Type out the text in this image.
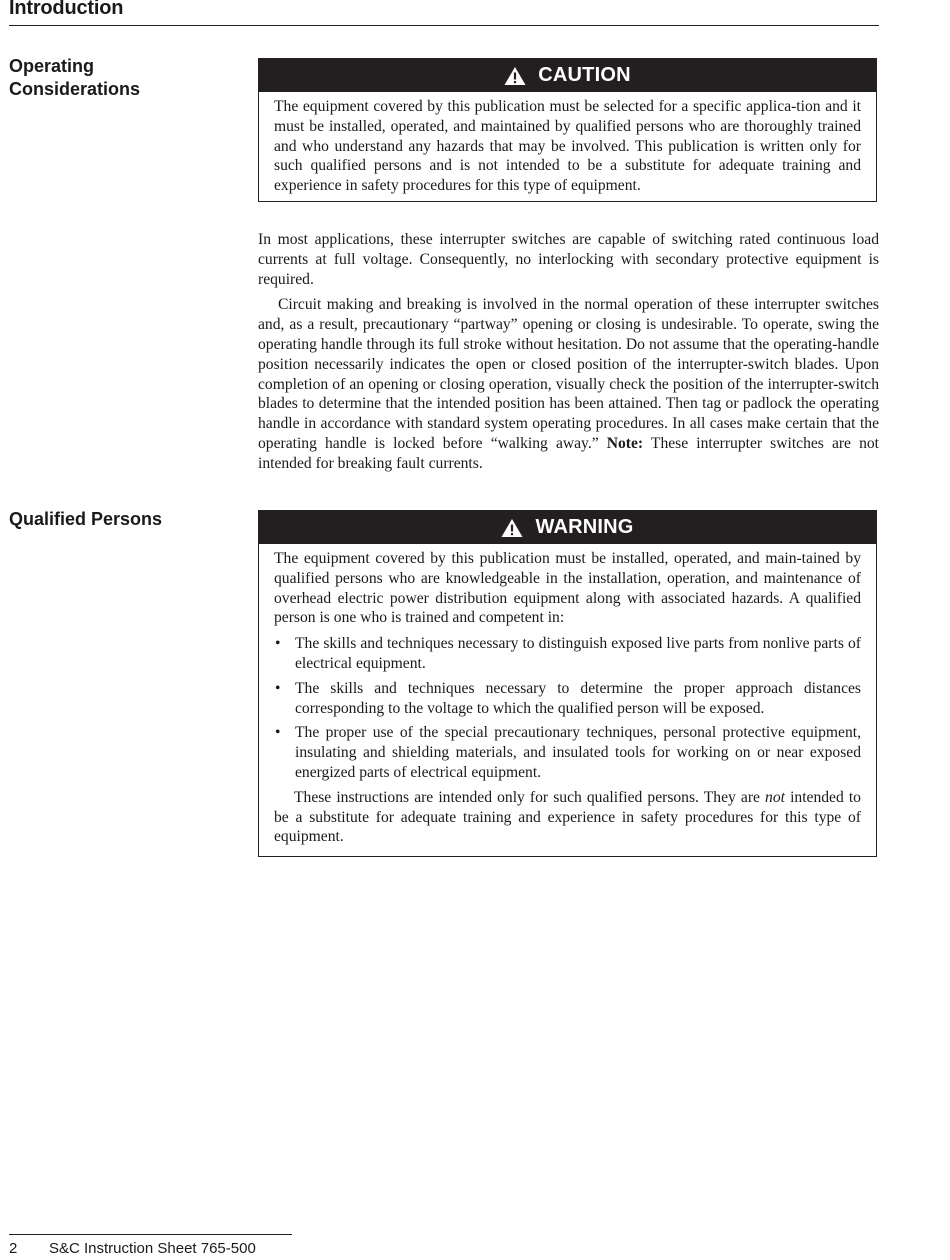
Introduction
Operating
Considerations
CAUTION

The equipment covered by this publication must be selected for a specific applica-tion and it must be installed, operated, and maintained by qualified persons who are thoroughly trained and who understand any hazards that may be involved. This publication is written only for such qualified persons and is not intended to be a substitute for adequate training and experience in safety procedures for this type of equipment.

In most applications, these interrupter switches are capable of switching rated continuous load currents at full voltage. Consequently, no interlocking with secondary protective equipment is required.

Circuit making and breaking is involved in the normal operation of these interrupter switches and, as a result, precautionary “partway” opening or closing is undesirable. To operate, swing the operating handle through its full stroke without hesitation. Do not assume that the operating-handle position necessarily indicates the open or closed position of the interrupter-switch blades. Upon completion of an opening or closing operation, visually check the position of the interrupter-switch blades to determine that the intended position has been attained. Then tag or padlock the operating handle in accordance with standard system operating procedures. In all cases make certain that the operating handle is locked before “walking away.” Note: These interrupter switches are not intended for breaking fault currents.

Qualified Persons	WARNING

The equipment covered by this publication must be installed, operated, and main-tained by qualified persons who are knowledgeable in the installation, operation, and maintenance of overhead electric power distribution equipment along with associated hazards. A qualified person is one who is trained and competent in:

• The skills and techniques necessary to distinguish exposed live parts from nonlive parts of electrical equipment.
• The skills and techniques necessary to determine the proper approach distances corresponding to the voltage to which the qualified person will be exposed.
• The proper use of the special precautionary techniques, personal protective equipment, insulating and shielding materials, and insulated tools for working on or near exposed energized parts of electrical equipment.

These instructions are intended only for such qualified persons. They are not intended to be a substitute for adequate training and experience in safety procedures for this type of equipment.

2 S&C Instruction Sheet 765-500
